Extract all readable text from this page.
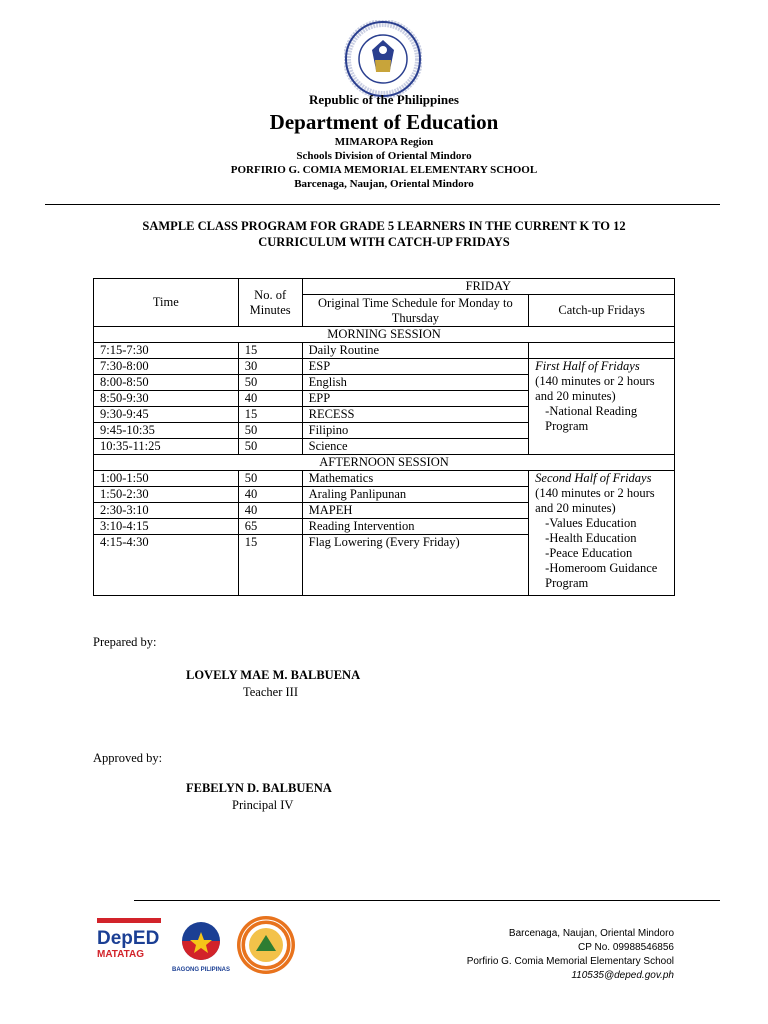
Republic of the Philippines
Department of Education
MIMAROPA Region
Schools Division of Oriental Mindoro
PORFIRIO G. COMIA MEMORIAL ELEMENTARY SCHOOL
Barcenaga, Naujan, Oriental Mindoro
SAMPLE CLASS PROGRAM FOR GRADE 5 LEARNERS IN THE CURRENT K TO 12
CURRICULUM WITH CATCH-UP FRIDAYS
Time	No. of Minutes	FRIDAY	
		Original Time Schedule for Monday to Thursday	Catch-up Fridays
MORNING SESSION			
7:15-7:30	15	Daily Routine	
7:30-8:00	30	ESP	First Half of Fridays

(140 minutes or 2 hours and 20 minutes)

-National Reading Program

8:00-8:50	50	English	
8:50-9:30	40	EPP	
9:30-9:45	15	RECESS	
9:45-10:35	50	Filipino	
10:35-11:25	50	Science	
AFTERNOON SESSION			
1:00-1:50	50	Mathematics	Second Half of Fridays (140 minutes or 2 hours and 20 minutes)

-Values Education

-Health Education

-Peace Education

-Homeroom Guidance Program

1:50-2:30	40	Araling Panlipunan	
2:30-3:10	40	MAPEH	
3:10-4:15	65	Reading Intervention	
4:15-4:30	15	Flag Lowering (Every Friday)	
Prepared by:
LOVELY MAE M. BALBUENA
Teacher III
Approved by:
FEBELYN D. BALBUENA
Principal IV
DepED
MATATAG
BAGONG PILIPINAS
Barcenaga, Naujan, Oriental Mindoro
CP No. 09988546856
Porfirio G. Comia Memorial Elementary School
110535@deped.gov.ph
